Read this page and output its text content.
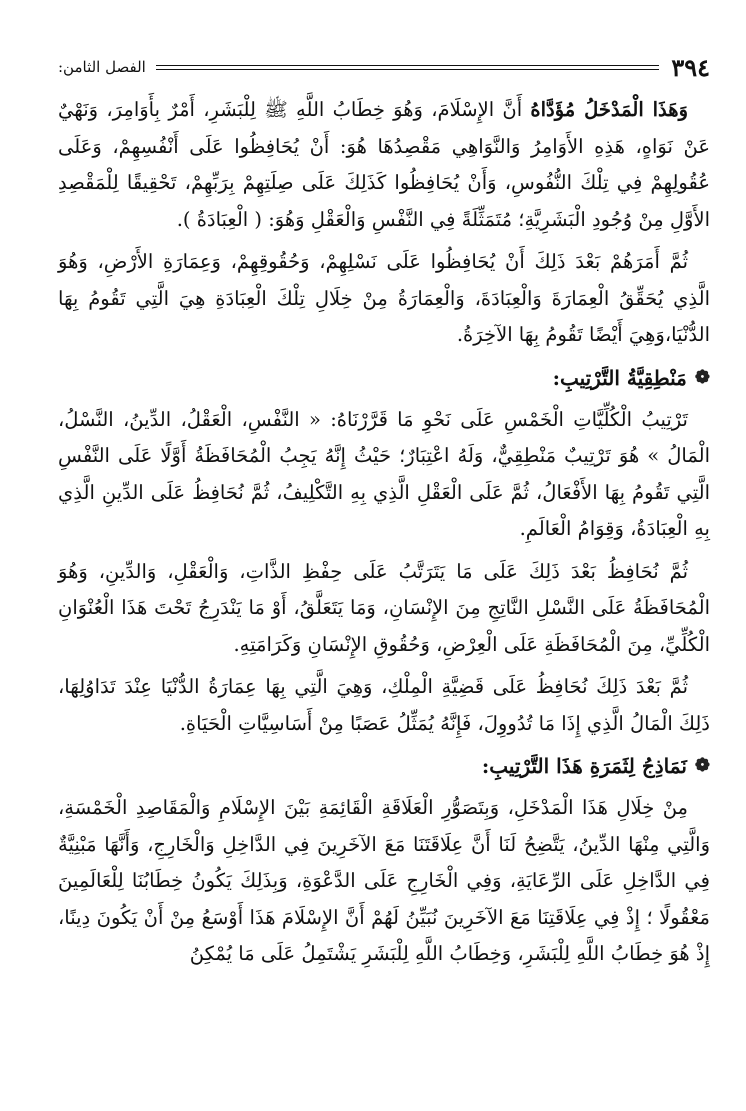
٣٩٤
الفصل الثامن:

وَهَذَا الْمَدْخَلُ مُؤَدَّاهُ أَنَّ الإِسْلَامَ، وَهُوَ خِطَابُ اللَّهِ ﷺ لِلْبَشَرِ، أَمْرٌ بِأَوَامِرَ، وَنَهْيٌ عَنْ نَوَاهٍ، هَذِهِ الأَوَامِرُ وَالنَّوَاهِي مَقْصِدُهَا هُوَ: أَنْ يُحَافِظُوا عَلَى أَنْفُسِهِمْ، وَعَلَى عُقُولِهِمْ فِي تِلْكَ النُّفُوسِ، وَأَنْ يُحَافِظُوا كَذَلِكَ عَلَى صِلَتِهِمْ بِرَبِّهِمْ، تَحْقِيقًا لِلْمَقْصِدِ الأَوَّلِ مِنْ وُجُودِ الْبَشَرِيَّةِ؛ مُتَمَثِّلَةً فِي النَّفْسِ وَالْعَقْلِ وَهُوَ: ( الْعِبَادَةُ ).

ثُمَّ أَمَرَهُمْ بَعْدَ ذَلِكَ أَنْ يُحَافِظُوا عَلَى نَسْلِهِمْ، وَحُقُوقِهِمْ، وَعِمَارَةِ الأَرْضِ، وَهُوَ الَّذِي يُحَقِّقُ الْعِمَارَةَ وَالْعِبَادَةَ، وَالْعِمَارَةُ مِنْ خِلَالِ تِلْكَ الْعِبَادَةِ هِيَ الَّتِي تَقُومُ بِهَا الدُّنْيَا،وَهِيَ أَيْضًا تَقُومُ بِهَا الآخِرَةُ.

❁
مَنْطِقِيَّةُ التَّرْتِيبِ:

تَرْتِيبُ الْكُلِّيَّاتِ الْخَمْسِ عَلَى نَحْوِ مَا قَرَّرْنَاهُ: « النَّفْسِ، الْعَقْلُ، الدِّينُ، النَّسْلُ، الْمَالُ » هُوَ تَرْتِيبٌ مَنْطِقِيٌّ، وَلَهُ اعْتِبَارٌ؛ حَيْثُ إِنَّهُ يَجِبُ الْمُحَافَظَةُ أَوَّلًا عَلَى النَّفْسِ الَّتِي تَقُومُ بِهَا الأَفْعَالُ، ثُمَّ عَلَى الْعَقْلِ الَّذِي بِهِ التَّكْلِيفُ، ثُمَّ نُحَافِظُ عَلَى الدِّينِ الَّذِي بِهِ الْعِبَادَةُ، وَقِوَامُ الْعَالَمِ.

ثُمَّ نُحَافِظُ بَعْدَ ذَلِكَ عَلَى مَا يَتَرَتَّبُ عَلَى حِفْظِ الذَّاتِ، وَالْعَقْلِ، وَالدِّينِ، وَهُوَ الْمُحَافَظَةُ عَلَى النَّسْلِ النَّاتِجِ مِنَ الإِنْسَانِ، وَمَا يَتَعَلَّقُ، أَوْ مَا يَنْدَرِجُ تَحْتَ هَذَا الْعُنْوَانِ الْكُلِّيِّ، مِنَ الْمُحَافَظَةِ عَلَى الْعِرْضِ، وَحُقُوقِ الإِنْسَانِ وَكَرَامَتِهِ.

ثُمَّ بَعْدَ ذَلِكَ نُحَافِظُ عَلَى قَضِيَّةِ الْمِلْكِ، وَهِيَ الَّتِي بِهَا عِمَارَةُ الدُّنْيَا عِنْدَ تَدَاوُلِهَا، ذَلِكَ الْمَالُ الَّذِي إِذَا مَا تُدُووِلَ، فَإِنَّهُ يُمَثِّلُ عَصَبًا مِنْ أَسَاسِيَّاتِ الْحَيَاةِ.

❁
نَمَاذِجُ لِثَمَرَةِ هَذَا التَّرْتِيبِ:

مِنْ خِلَالِ هَذَا الْمَدْخَلِ، وَبِتَصَوُّرِ الْعَلَاقَةِ الْقَائِمَةِ بَيْنَ الإِسْلَامِ وَالْمَقَاصِدِ الْخَمْسَةِ، وَالَّتِي مِنْهَا الدِّينُ، يَتَّضِحُ لَنَا أَنَّ عِلَاقَتَنَا مَعَ الآخَرِينَ فِي الدَّاخِلِ وَالْخَارِجِ، وَأَنَّهَا مَبْنِيَّةٌ فِي الدَّاخِلِ عَلَى الرِّعَايَةِ، وَفِي الْخَارِجِ عَلَى الدَّعْوَةِ، وَبِذَلِكَ يَكُونُ خِطَابُنَا لِلْعَالَمِينَ مَعْقُولًا ؛ إِذْ فِي عِلَاقَتِنَا مَعَ الآخَرِينَ نُبَيِّنُ لَهُمْ أَنَّ الإِسْلَامَ هَذَا أَوْسَعُ مِنْ أَنْ يَكُونَ دِينًا، إِذْ هُوَ خِطَابُ اللَّهِ لِلْبَشَرِ، وَخِطَابُ اللَّهِ لِلْبَشَرِ يَشْتَمِلُ عَلَى مَا يُمْكِنُ
